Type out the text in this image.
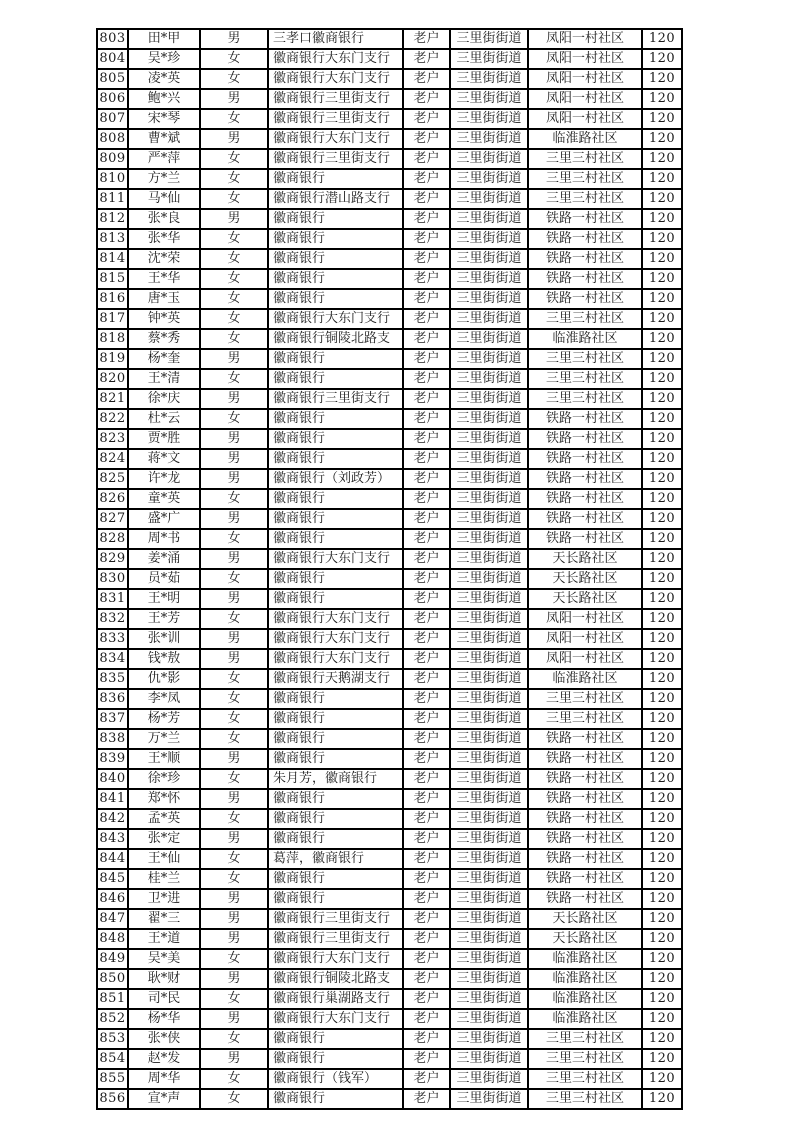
803	田*甲	男	三孝口徽商银行	老户	三里街街道	凤阳一村社区	120
804	吴*珍	女	徽商银行大东门支行	老户	三里街街道	凤阳一村社区	120
805	凌*英	女	徽商银行大东门支行	老户	三里街街道	凤阳一村社区	120
806	鲍*兴	男	徽商银行三里街支行	老户	三里街街道	凤阳一村社区	120
807	宋*琴	女	徽商银行三里街支行	老户	三里街街道	凤阳一村社区	120
808	曹*斌	男	徽商银行大东门支行	老户	三里街街道	临淮路社区	120
809	严*萍	女	徽商银行三里街支行	老户	三里街街道	三里三村社区	120
810	方*兰	女	徽商银行	老户	三里街街道	三里三村社区	120
811	马*仙	女	徽商银行潜山路支行	老户	三里街街道	三里三村社区	120
812	张*良	男	徽商银行	老户	三里街街道	铁路一村社区	120
813	张*华	女	徽商银行	老户	三里街街道	铁路一村社区	120
814	沈*荣	女	徽商银行	老户	三里街街道	铁路一村社区	120
815	王*华	女	徽商银行	老户	三里街街道	铁路一村社区	120
816	唐*玉	女	徽商银行	老户	三里街街道	铁路一村社区	120
817	钟*英	女	徽商银行大东门支行	老户	三里街街道	三里三村社区	120
818	蔡*秀	女	徽商银行铜陵北路支	老户	三里街街道	临淮路社区	120
819	杨*奎	男	徽商银行	老户	三里街街道	三里三村社区	120
820	王*清	女	徽商银行	老户	三里街街道	三里三村社区	120
821	徐*庆	男	徽商银行三里街支行	老户	三里街街道	三里三村社区	120
822	杜*云	女	徽商银行	老户	三里街街道	铁路一村社区	120
823	贾*胜	男	徽商银行	老户	三里街街道	铁路一村社区	120
824	蒋*文	男	徽商银行	老户	三里街街道	铁路一村社区	120
825	许*龙	男	徽商银行（刘政芳）	老户	三里街街道	铁路一村社区	120
826	童*英	女	徽商银行	老户	三里街街道	铁路一村社区	120
827	盛*广	男	徽商银行	老户	三里街街道	铁路一村社区	120
828	周*书	女	徽商银行	老户	三里街街道	铁路一村社区	120
829	姜*涌	男	徽商银行大东门支行	老户	三里街街道	天长路社区	120
830	员*茹	女	徽商银行	老户	三里街街道	天长路社区	120
831	王*明	男	徽商银行	老户	三里街街道	天长路社区	120
832	王*芳	女	徽商银行大东门支行	老户	三里街街道	凤阳一村社区	120
833	张*训	男	徽商银行大东门支行	老户	三里街街道	凤阳一村社区	120
834	钱*敖	男	徽商银行大东门支行	老户	三里街街道	凤阳一村社区	120
835	仇*影	女	徽商银行天鹅湖支行	老户	三里街街道	临淮路社区	120
836	李*凤	女	徽商银行	老户	三里街街道	三里三村社区	120
837	杨*芳	女	徽商银行	老户	三里街街道	三里三村社区	120
838	万*兰	女	徽商银行	老户	三里街街道	铁路一村社区	120
839	王*顺	男	徽商银行	老户	三里街街道	铁路一村社区	120
840	徐*珍	女	朱月芳，徽商银行	老户	三里街街道	铁路一村社区	120
841	郑*怀	男	徽商银行	老户	三里街街道	铁路一村社区	120
842	孟*英	女	徽商银行	老户	三里街街道	铁路一村社区	120
843	张*定	男	徽商银行	老户	三里街街道	铁路一村社区	120
844	王*仙	女	葛萍，徽商银行	老户	三里街街道	铁路一村社区	120
845	桂*兰	女	徽商银行	老户	三里街街道	铁路一村社区	120
846	卫*进	男	徽商银行	老户	三里街街道	铁路一村社区	120
847	翟*三	男	徽商银行三里街支行	老户	三里街街道	天长路社区	120
848	王*道	男	徽商银行三里街支行	老户	三里街街道	天长路社区	120
849	吴*美	女	徽商银行大东门支行	老户	三里街街道	临淮路社区	120
850	耿*财	男	徽商银行铜陵北路支	老户	三里街街道	临淮路社区	120
851	司*民	女	徽商银行巢湖路支行	老户	三里街街道	临淮路社区	120
852	杨*华	男	徽商银行大东门支行	老户	三里街街道	临淮路社区	120
853	张*侠	女	徽商银行	老户	三里街街道	三里三村社区	120
854	赵*发	男	徽商银行	老户	三里街街道	三里三村社区	120
855	周*华	女	徽商银行（钱军）	老户	三里街街道	三里三村社区	120
856	宣*声	女	徽商银行	老户	三里街街道	三里三村社区	120
